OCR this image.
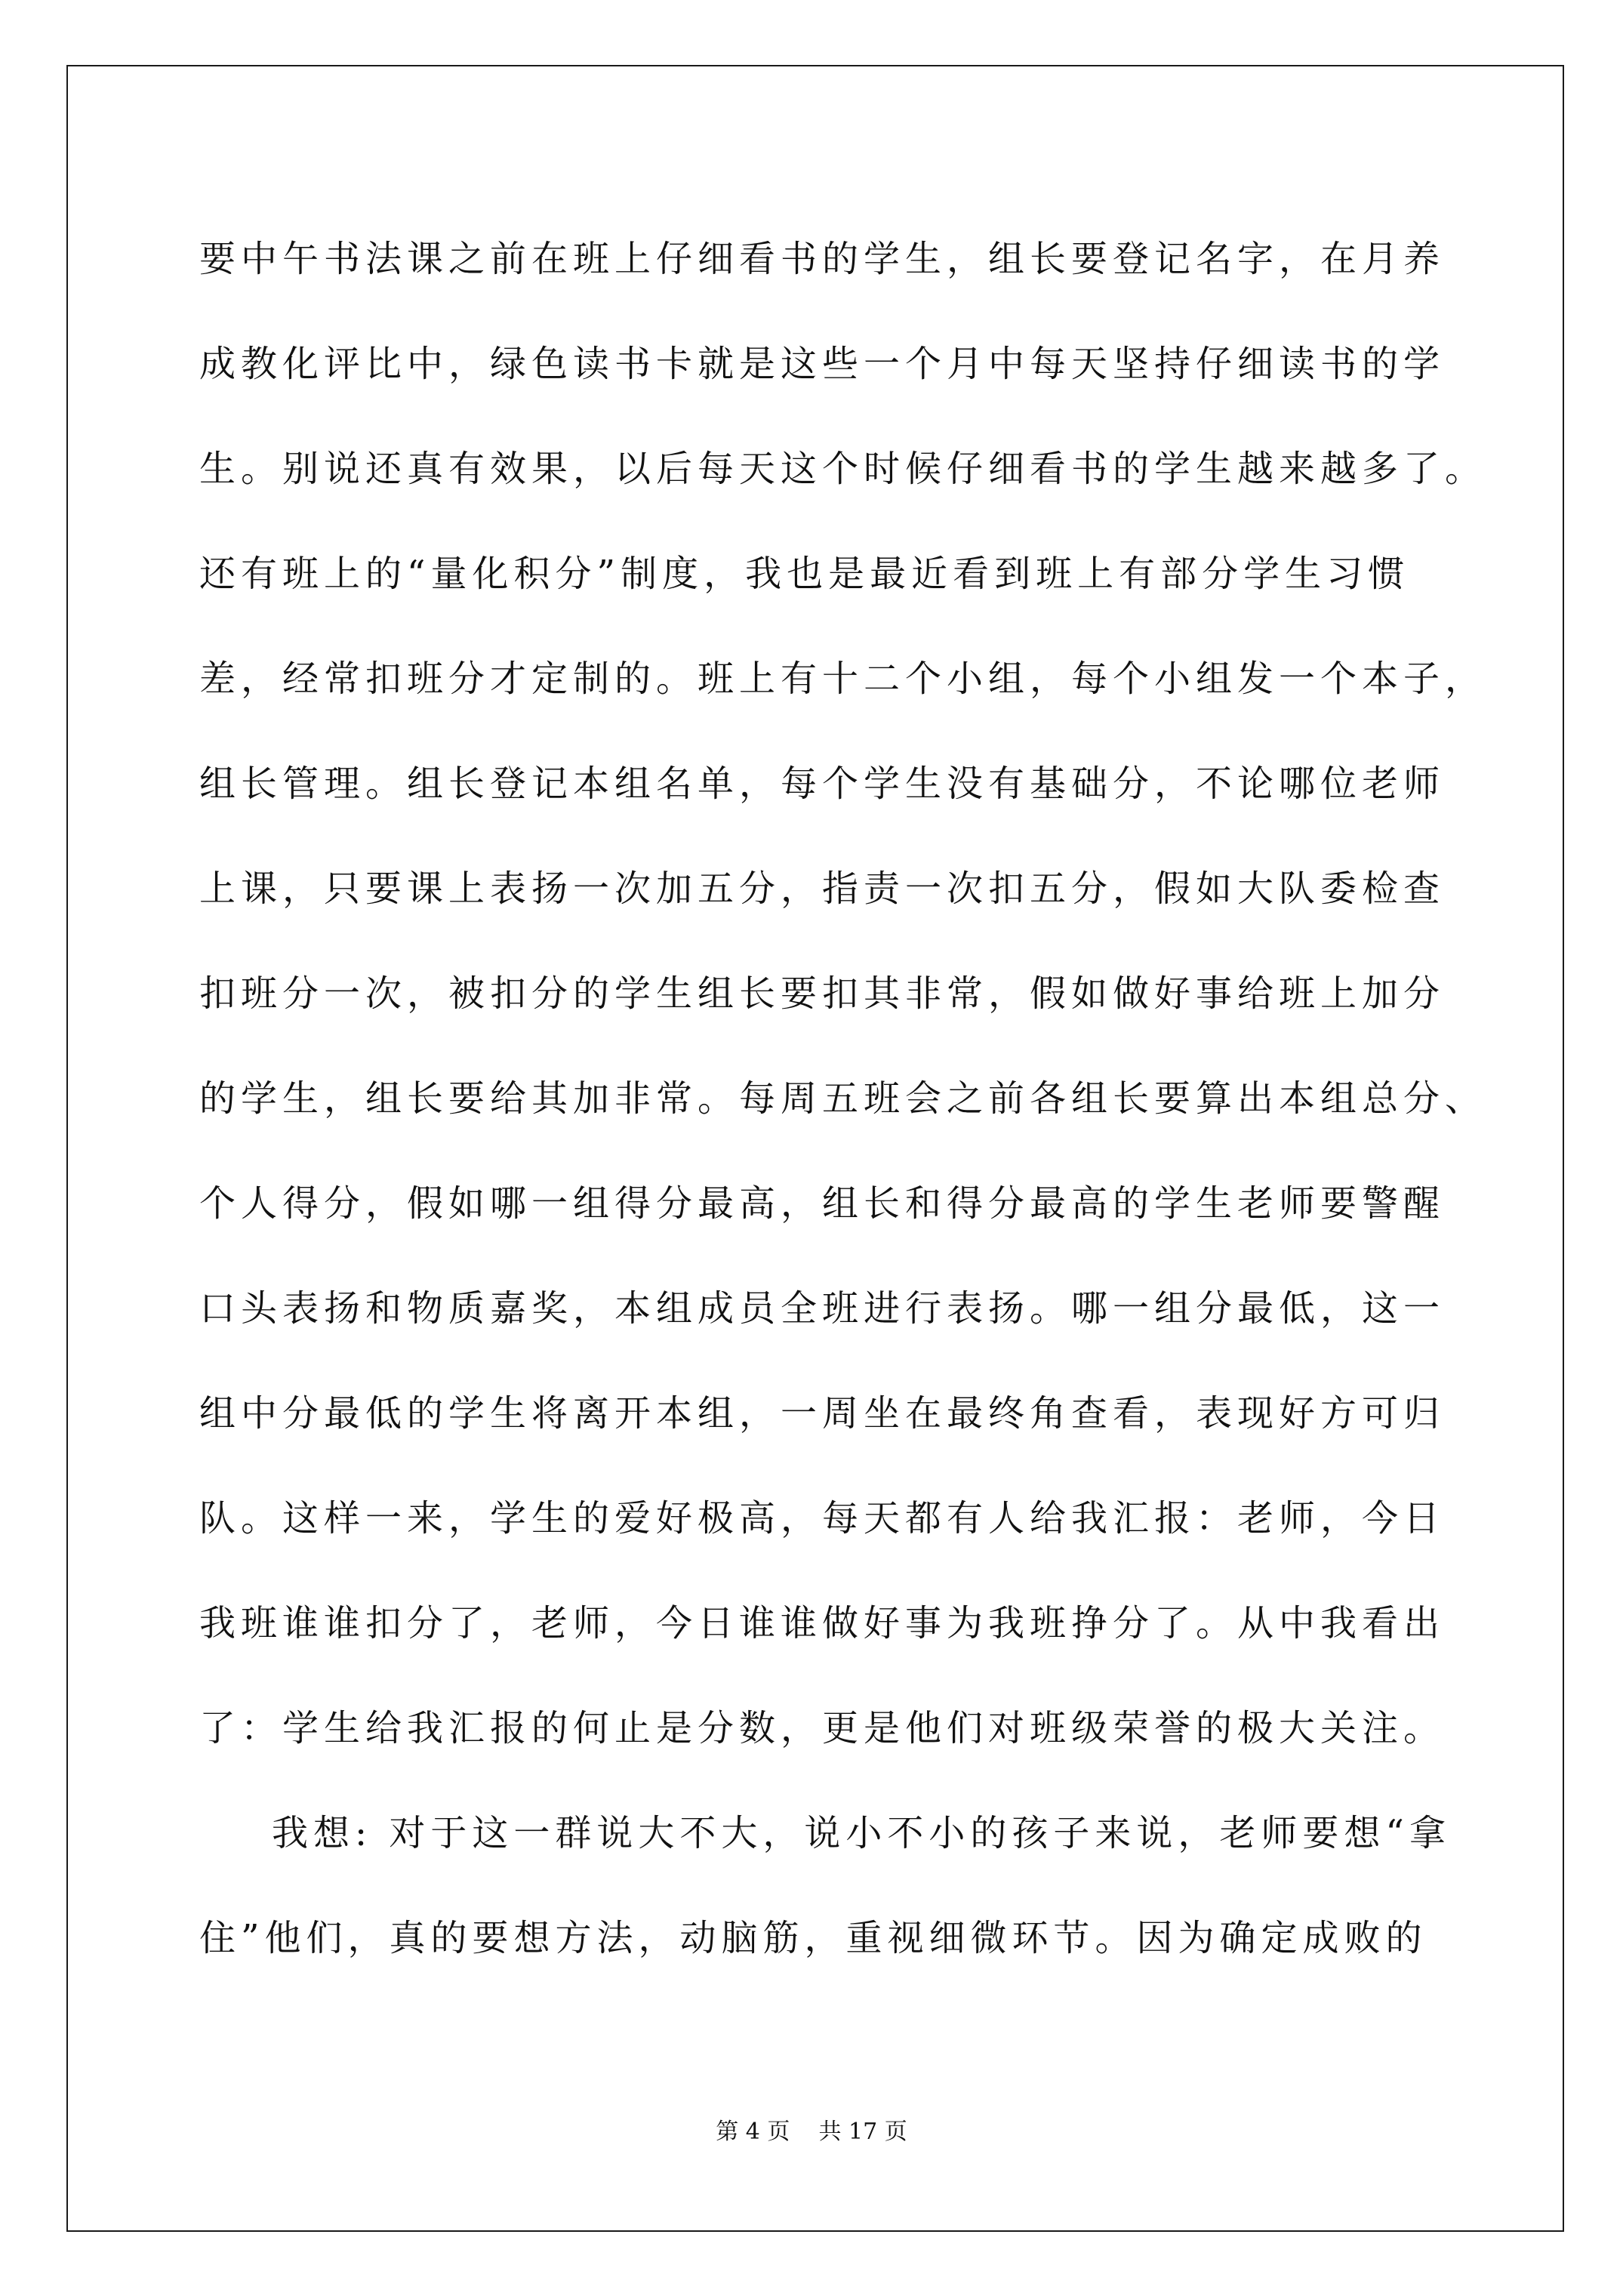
要中午书法课之前在班上仔细看书的学生，组长要登记名字，在月养

成教化评比中，绿色读书卡就是这些一个月中每天坚持仔细读书的学

生。别说还真有效果，以后每天这个时候仔细看书的学生越来越多了。

还有班上的“量化积分”制度，我也是最近看到班上有部分学生习惯

差，经常扣班分才定制的。班上有十二个小组，每个小组发一个本子，

组长管理。组长登记本组名单，每个学生没有基础分，不论哪位老师

上课，只要课上表扬一次加五分，指责一次扣五分，假如大队委检查

扣班分一次，被扣分的学生组长要扣其非常，假如做好事给班上加分

的学生，组长要给其加非常。每周五班会之前各组长要算出本组总分、

个人得分，假如哪一组得分最高，组长和得分最高的学生老师要警醒

口头表扬和物质嘉奖，本组成员全班进行表扬。哪一组分最低，这一

组中分最低的学生将离开本组，一周坐在最终角查看，表现好方可归

队。这样一来，学生的爱好极高，每天都有人给我汇报：老师，今日

我班谁谁扣分了，老师，今日谁谁做好事为我班挣分了。从中我看出

了：学生给我汇报的何止是分数，更是他们对班级荣誉的极大关注。

我想: 对于这一群说大不大，说小不小的孩子来说，老师要想“拿

住”他们，真的要想方法，动脑筋，重视细微环节。因为确定成败的

第 4 页    共 17 页
